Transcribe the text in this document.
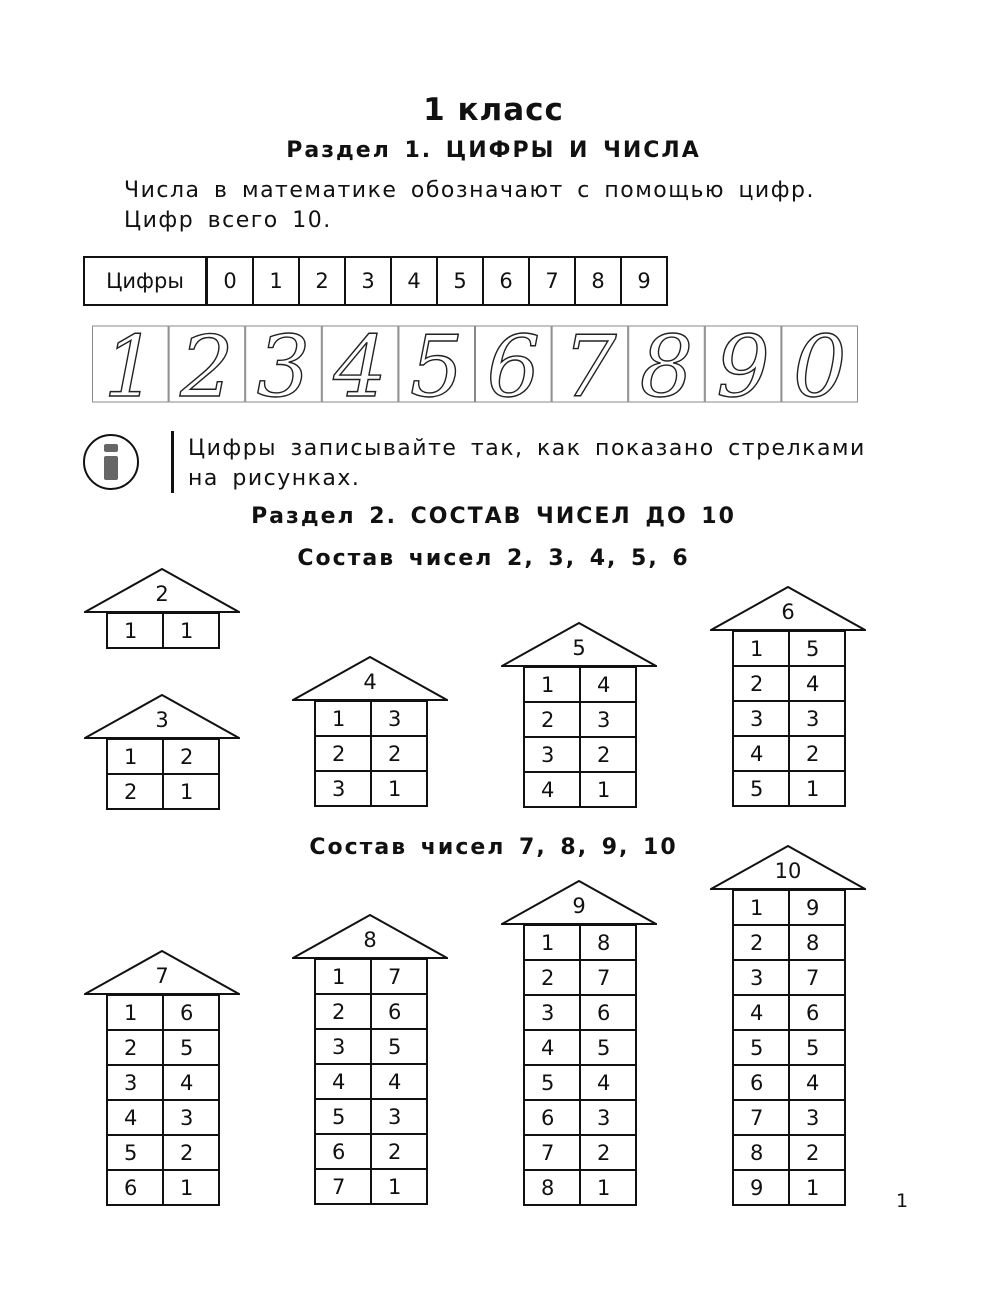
1 класс
Раздел 1. ЦИФРЫ И ЧИСЛА
Числа в математике обозначают с помощью цифр.
Цифр всего 10.
Цифры	0	1	2	3	4	5	6	7	8	9
1 2 3 4 5 6 7 8 9 0
Цифры записывайте так, как показано стрелками
на рисунках.
Раздел 2. СОСТАВ ЧИСЕЛ ДО 10
Состав чисел 2, 3, 4, 5, 6
Состав чисел 7, 8, 9, 10
2
1	1
3
1	2
2	1
4
1	3
2	2
3	1
5
1	4
2	3
3	2
4	1
6
1	5
2	4
3	3
4	2
5	1
7
1	6
2	5
3	4
4	3
5	2
6	1
8
1	7
2	6
3	5
4	4
5	3
6	2
7	1
9
1	8
2	7
3	6
4	5
5	4
6	3
7	2
8	1
10
1	9
2	8
3	7
4	6
5	5
6	4
7	3
8	2
9	1
1
